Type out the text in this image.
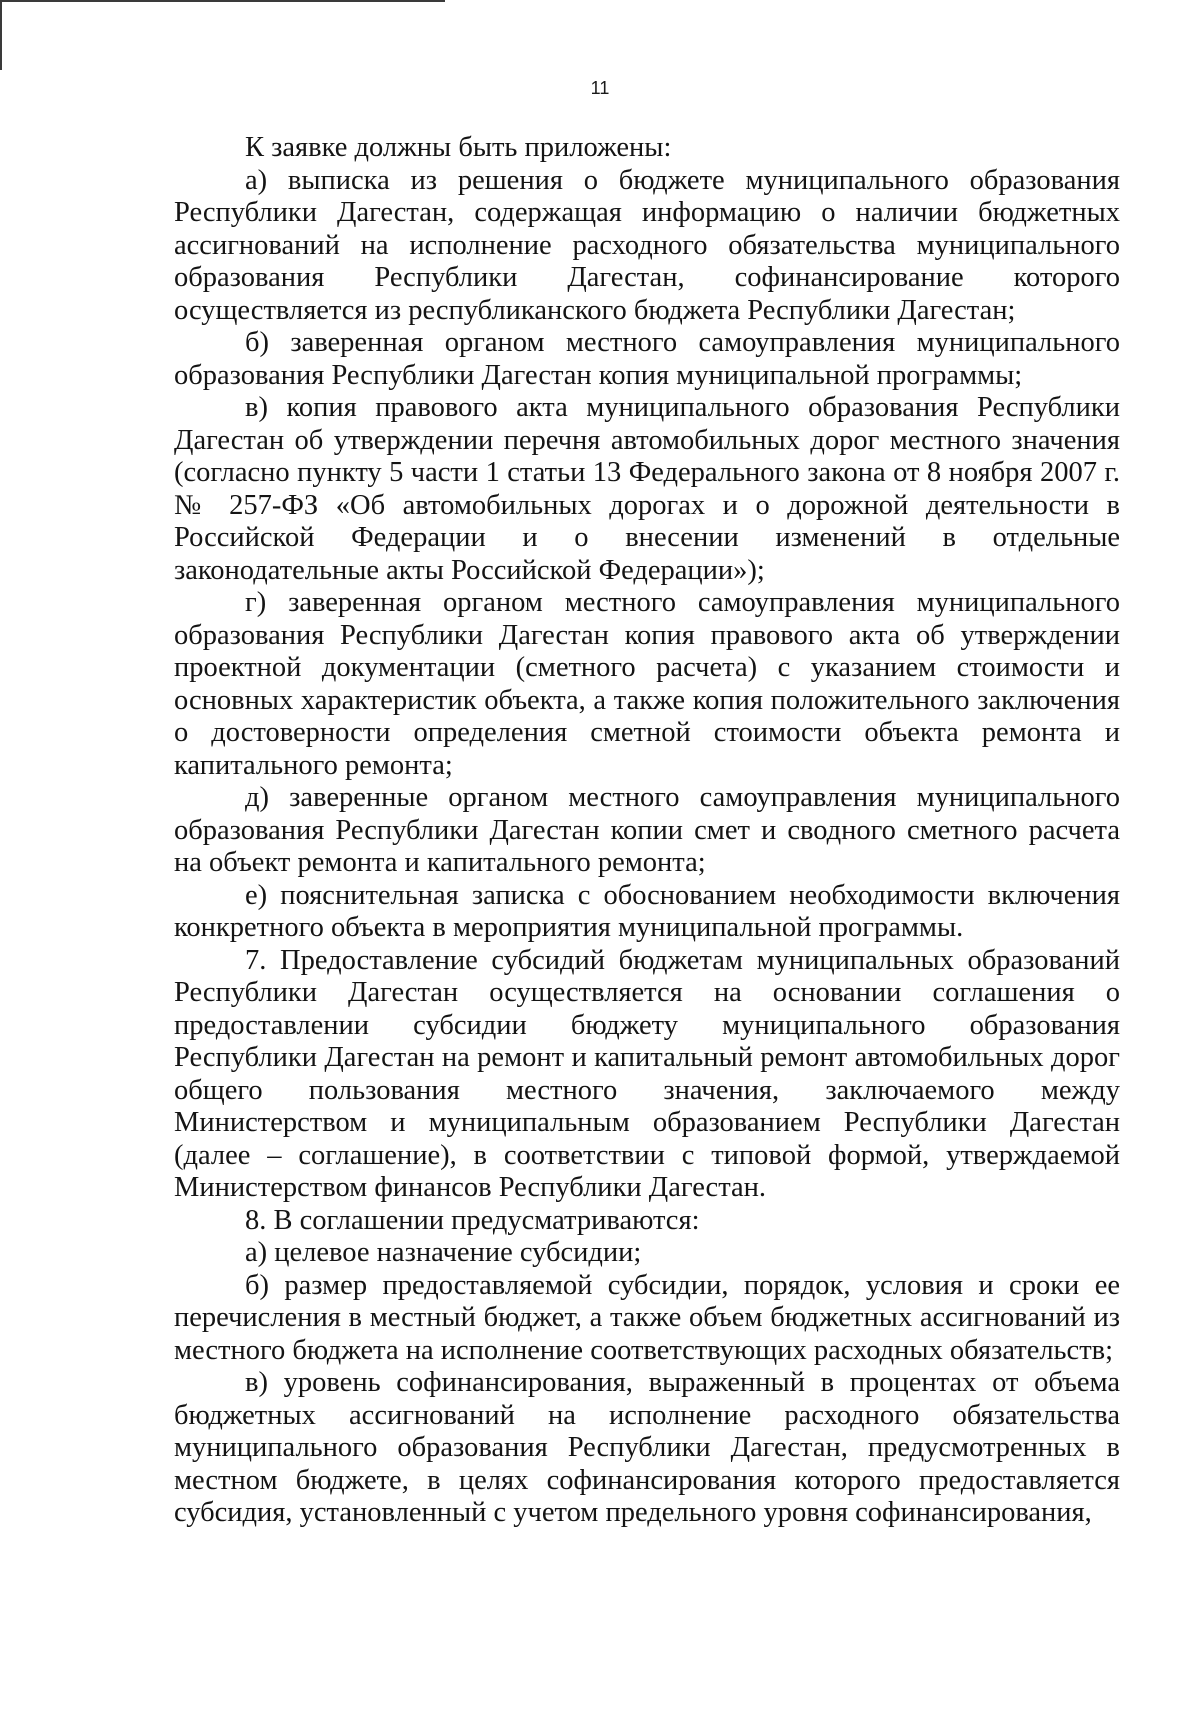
11

К заявке должны быть приложены:

а) выписка из решения о бюджете муниципального образования Республики Дагестан, содержащая информацию о наличии бюджетных ассигнований на исполнение расходного обязательства муниципального образования Республики Дагестан, софинансирование которого осуществляется из республиканского бюджета Республики Дагестан;

б) заверенная органом местного самоуправления муниципального образования Республики Дагестан копия муниципальной программы;

в) копия правового акта муниципального образования Республики Дагестан об утверждении перечня автомобильных дорог местного значения (согласно пункту 5 части 1 статьи 13 Федерального закона от 8 ноября 2007 г. № 257-ФЗ «Об автомобильных дорогах и о дорожной деятельности в Российской Федерации и о внесении изменений в отдельные законодательные акты Российской Федерации»);

г) заверенная органом местного самоуправления муниципального образования Республики Дагестан копия правового акта об утверждении проектной документации (сметного расчета) с указанием стоимости и основных характеристик объекта, а также копия положительного заключения о достоверности определения сметной стоимости объекта ремонта и капитального ремонта;

д) заверенные органом местного самоуправления муниципального образования Республики Дагестан копии смет и сводного сметного расчета на объект ремонта и капитального ремонта;

е) пояснительная записка с обоснованием необходимости включения конкретного объекта в мероприятия муниципальной программы.

7. Предоставление субсидий бюджетам муниципальных образований Республики Дагестан осуществляется на основании соглашения о предоставлении субсидии бюджету муниципального образования Республики Дагестан на ремонт и капитальный ремонт автомобильных дорог общего пользования местного значения, заключаемого между Министерством и муниципальным образованием Республики Дагестан (далее – соглашение), в соответствии с типовой формой, утверждаемой Министерством финансов Республики Дагестан.

8. В соглашении предусматриваются:

а) целевое назначение субсидии;

б) размер предоставляемой субсидии, порядок, условия и сроки ее перечисления в местный бюджет, а также объем бюджетных ассигнований из местного бюджета на исполнение соответствующих расходных обязательств;

в) уровень софинансирования, выраженный в процентах от объема бюджетных ассигнований на исполнение расходного обязательства муниципального образования Республики Дагестан, предусмотренных в местном бюджете, в целях софинансирования которого предоставляется субсидия, установленный с учетом предельного уровня софинансирования,
